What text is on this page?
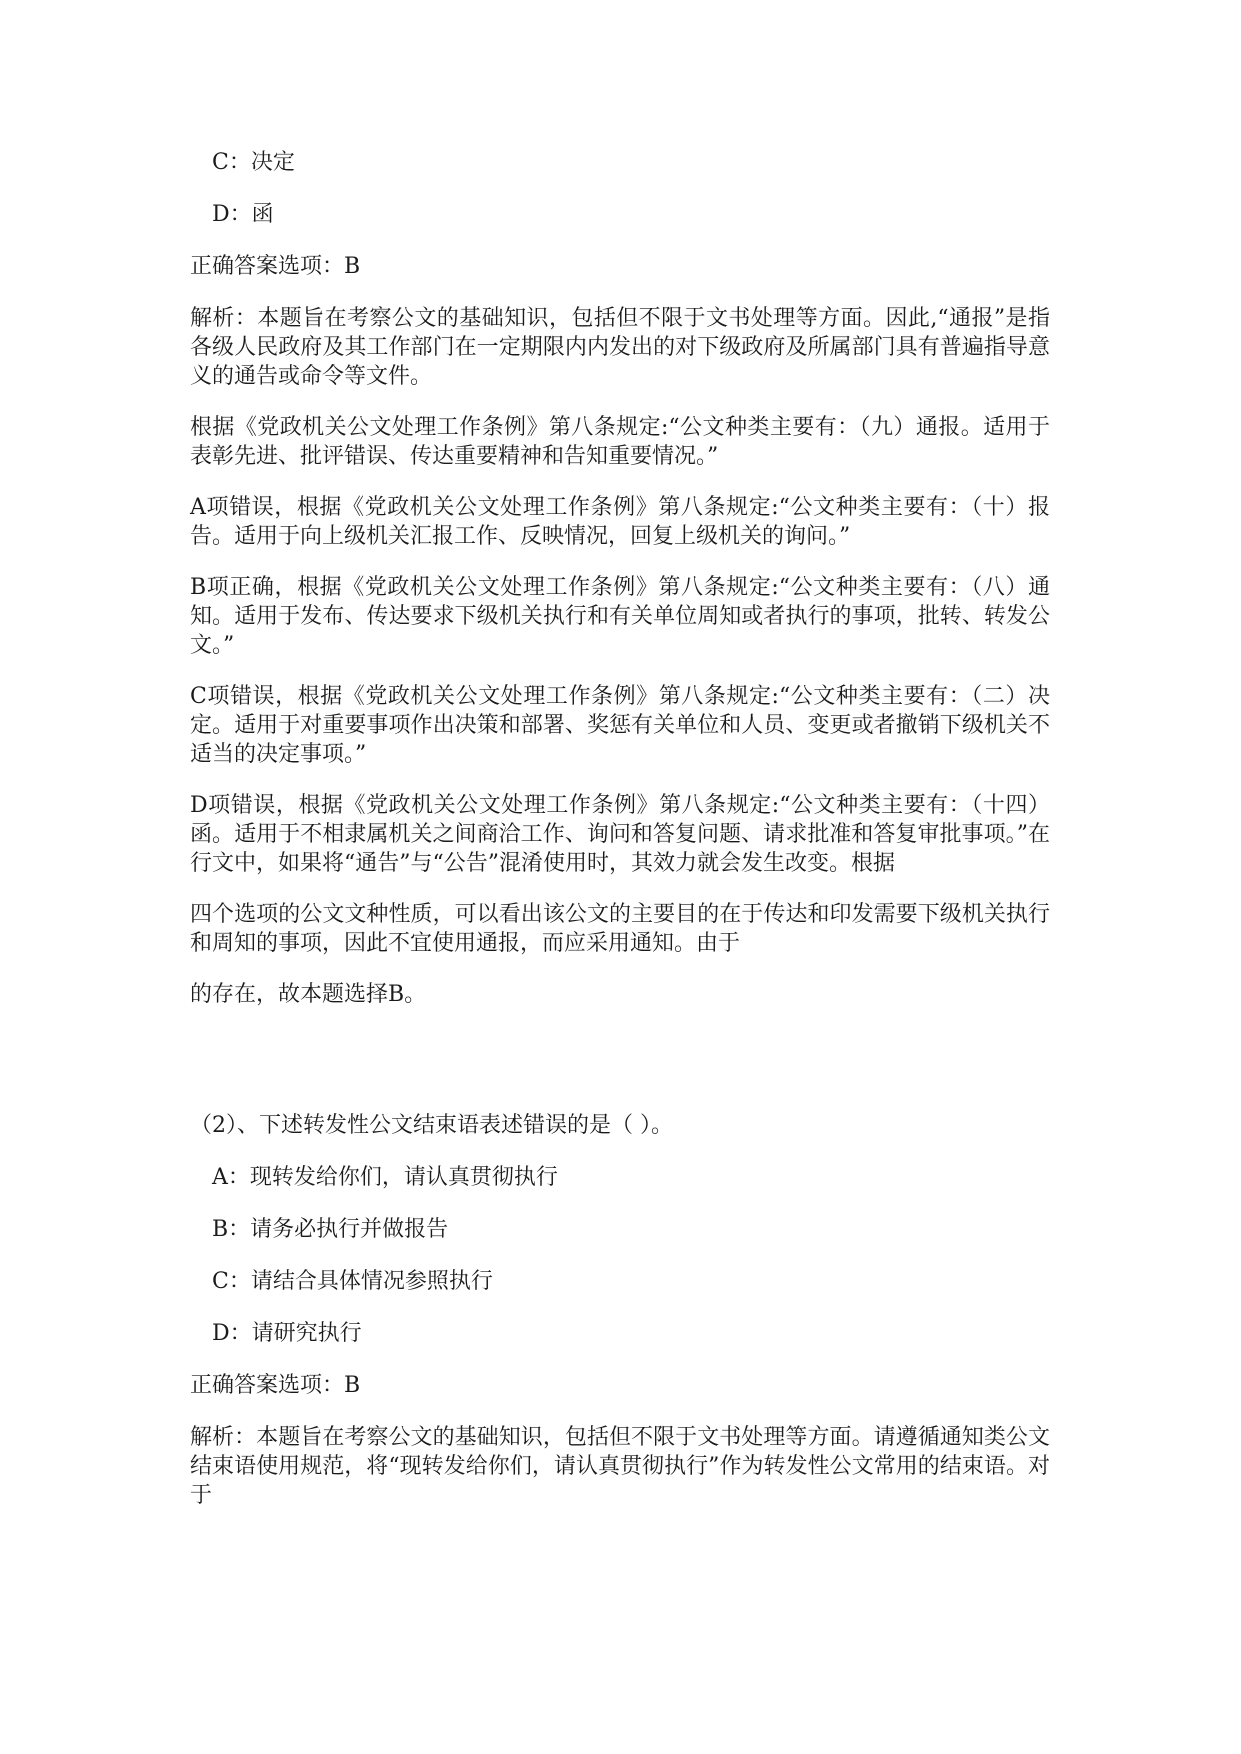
C：决定

D：函

正确答案选项：B

解析：本题旨在考察公文的基础知识，包括但不限于文书处理等方面。因此,“通报”是指各级人民政府及其工作部门在一定期限内内发出的对下级政府及所属部门具有普遍指导意义的通告或命令等文件。

根据《党政机关公文处理工作条例》第八条规定:“公文种类主要有：（九）通报。适用于表彰先进、批评错误、传达重要精神和告知重要情况。”

A项错误，根据《党政机关公文处理工作条例》第八条规定:“公文种类主要有：（十）报告。适用于向上级机关汇报工作、反映情况，回复上级机关的询问。”

B项正确，根据《党政机关公文处理工作条例》第八条规定:“公文种类主要有：（八）通知。适用于发布、传达要求下级机关执行和有关单位周知或者执行的事项，批转、转发公文。”

C项错误，根据《党政机关公文处理工作条例》第八条规定:“公文种类主要有：（二）决定。适用于对重要事项作出决策和部署、奖惩有关单位和人员、变更或者撤销下级机关不适当的决定事项。”

D项错误，根据《党政机关公文处理工作条例》第八条规定:“公文种类主要有：（十四）函。适用于不相隶属机关之间商洽工作、询问和答复问题、请求批准和答复审批事项。”在行文中，如果将“通告”与“公告”混淆使用时，其效力就会发生改变。根据

四个选项的公文文种性质，可以看出该公文的主要目的在于传达和印发需要下级机关执行和周知的事项，因此不宜使用通报，而应采用通知。由于

的存在，故本题选择B。

（2）、下述转发性公文结束语表述错误的是（ ）。

A：现转发给你们，请认真贯彻执行

B：请务必执行并做报告

C：请结合具体情况参照执行

D：请研究执行

正确答案选项：B

解析：本题旨在考察公文的基础知识，包括但不限于文书处理等方面。请遵循通知类公文结束语使用规范，将“现转发给你们，请认真贯彻执行”作为转发性公文常用的结束语。对于
